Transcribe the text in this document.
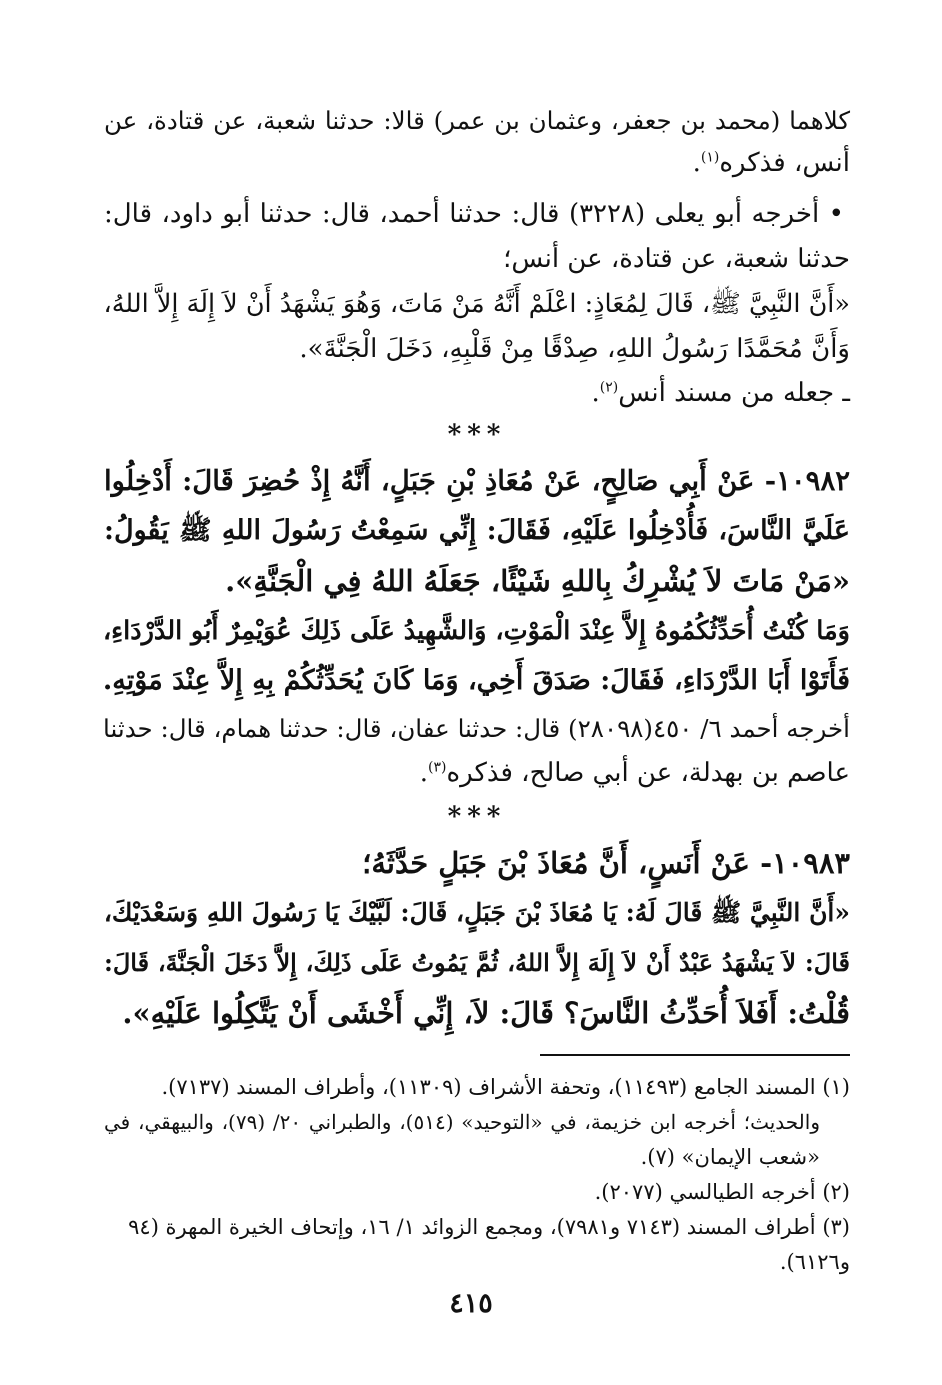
كلاهما (محمد بن جعفر، وعثمان بن عمر) قالا: حدثنا شعبة، عن قتادة، عن
أنس، فذكره$^{(١)}$.
• أخرجه أبو يعلى (٣٢٢٨) قال: حدثنا أحمد، قال: حدثنا أبو داود، قال:
حدثنا شعبة، عن قتادة، عن أنس؛
«أَنَّ النَّبِيَّ ﷺ، قَالَ لِمُعَاذٍ: اعْلَمْ أَنَّهُ مَنْ مَاتَ، وَهُوَ يَشْهَدُ أَنْ لاَ إِلَهَ إِلاَّ اللهُ،
وَأَنَّ مُحَمَّدًا رَسُولُ اللهِ، صِدْقًا مِنْ قَلْبِهِ، دَخَلَ الْجَنَّةَ».
ـ جعله من مسند أنس$^{(٢)}$.
***
١٠٩٨٢- عَنْ أَبِي صَالِحٍ، عَنْ مُعَاذِ بْنِ جَبَلٍ، أَنَّهُ إِذْ حُضِرَ قَالَ: أَدْخِلُوا
عَلَيَّ النَّاسَ، فَأُدْخِلُوا عَلَيْهِ، فَقَالَ: إِنِّي سَمِعْتُ رَسُولَ اللهِ ﷺ يَقُولُ:
«مَنْ مَاتَ لاَ يُشْرِكُ بِاللهِ شَيْئًا، جَعَلَهُ اللهُ فِي الْجَنَّةِ».
وَمَا كُنْتُ أُحَدِّثُكُمُوهُ إِلاَّ عِنْدَ الْمَوْتِ، وَالشَّهِيدُ عَلَى ذَلِكَ عُوَيْمِرٌ أَبُو الدَّرْدَاءِ،
فَأَتَوْا أَبَا الدَّرْدَاءِ، فَقَالَ: صَدَقَ أَخِي، وَمَا كَانَ يُحَدِّثُكُمْ بِهِ إِلاَّ عِنْدَ مَوْتِهِ.
أخرجه أحمد ٦/ ٤٥٠(٢٨٠٩٨) قال: حدثنا عفان، قال: حدثنا همام، قال: حدثنا
عاصم بن بهدلة، عن أبي صالح، فذكره$^{(٣)}$.
***
١٠٩٨٣- عَنْ أَنَسٍ، أَنَّ مُعَاذَ بْنَ جَبَلٍ حَدَّثَهُ؛
«أَنَّ النَّبِيَّ ﷺ قَالَ لَهُ: يَا مُعَاذَ بْنَ جَبَلٍ، قَالَ: لَبَّيْكَ يَا رَسُولَ اللهِ وَسَعْدَيْكَ،
قَالَ: لاَ يَشْهَدُ عَبْدٌ أَنْ لاَ إِلَهَ إِلاَّ اللهُ، ثُمَّ يَمُوتُ عَلَى ذَلِكَ، إِلاَّ دَخَلَ الْجَنَّةَ، قَالَ:
قُلْتُ: أَفَلاَ أُحَدِّثُ النَّاسَ؟ قَالَ: لاَ، إِنِّي أَخْشَى أَنْ يَتَّكِلُوا عَلَيْهِ».
(١) المسند الجامع (١١٤٩٣)، وتحفة الأشراف (١١٣٠٩)، وأطراف المسند (٧١٣٧).
والحديث؛ أخرجه ابن خزيمة، في «التوحيد» (٥١٤)، والطبراني ٢٠/ (٧٩)، والبيهقي، في
«شعب الإيمان» (٧).
(٢) أخرجه الطيالسي (٢٠٧٧).
(٣) أطراف المسند (٧١٤٣ و٧٩٨١)، ومجمع الزوائد ١/ ١٦، وإتحاف الخيرة المهرة (٩٤ و٦١٢٦).
٤١٥
